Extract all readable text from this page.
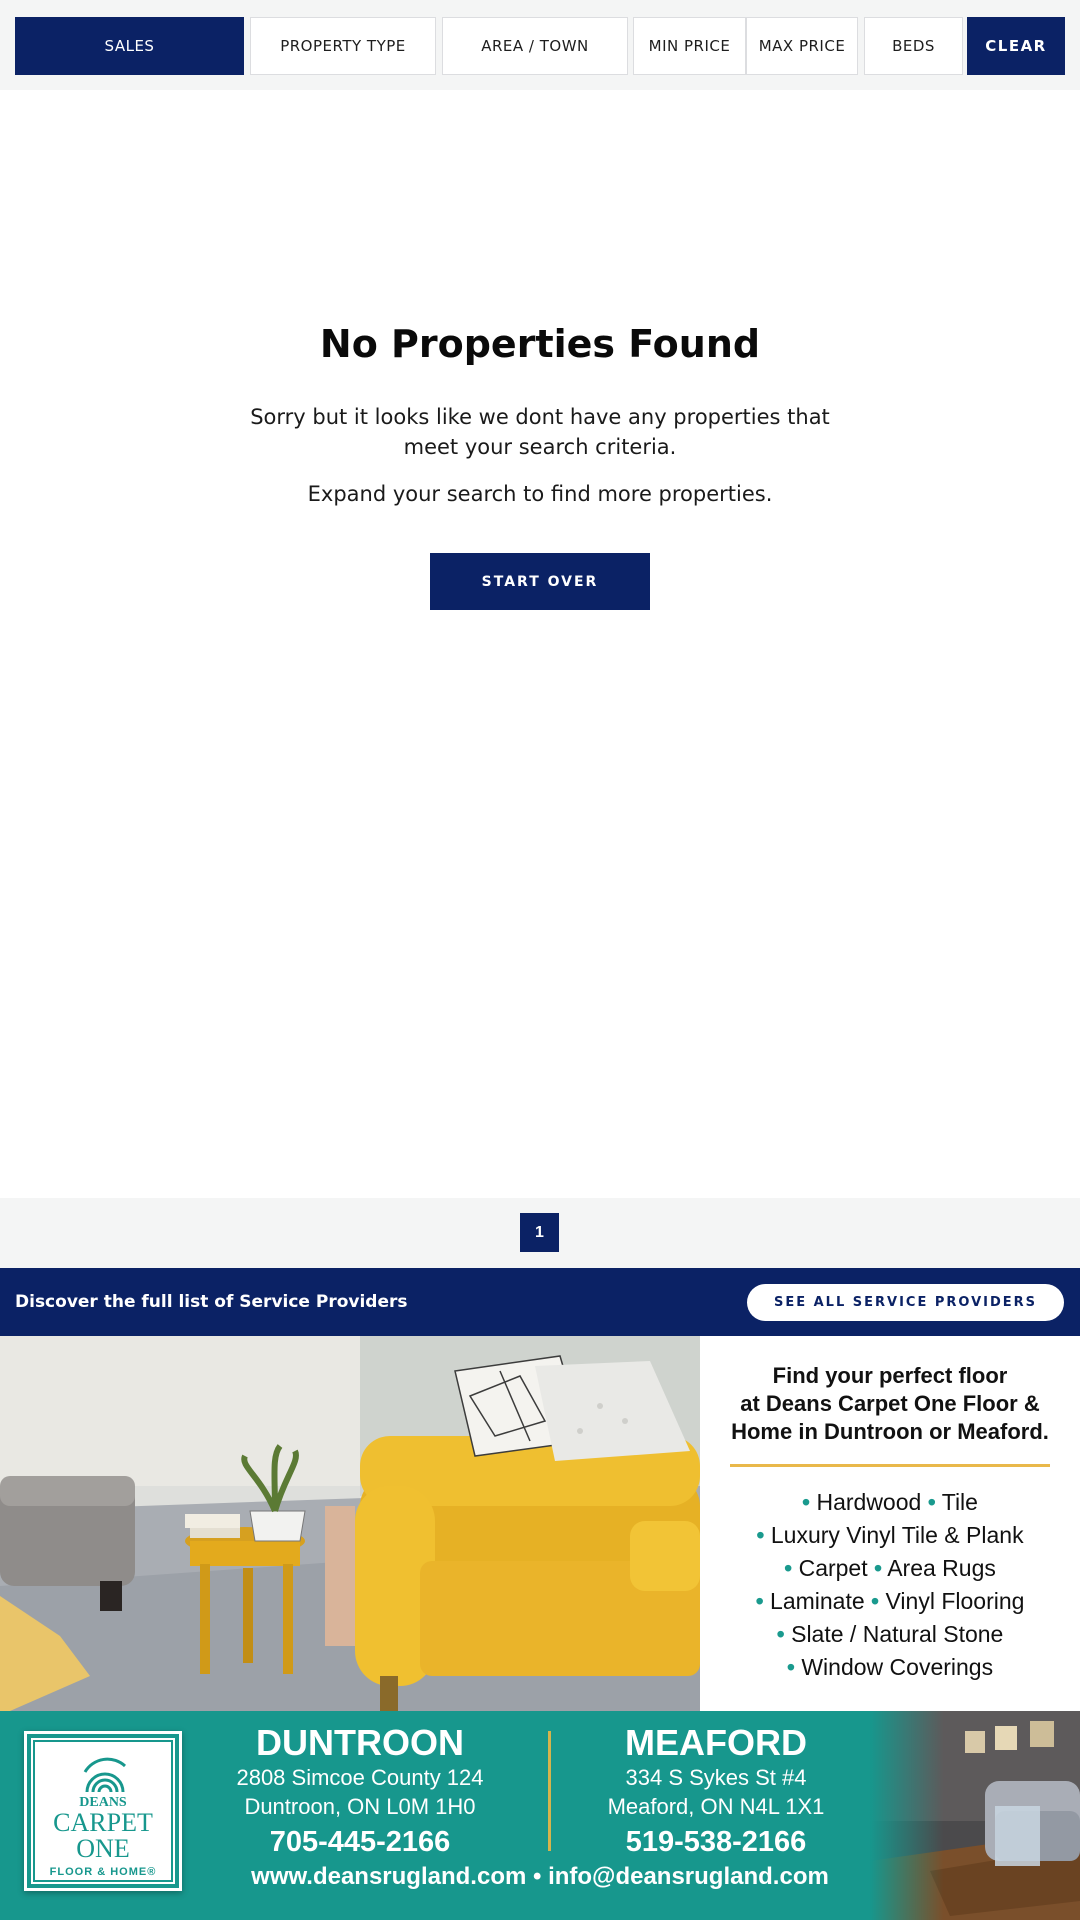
SALES	PROPERTY TYPE	AREA / TOWN	MIN PRICE	MAX PRICE	BEDS	CLEAR
No Properties Found
Sorry but it looks like we dont have any properties that meet your search criteria.
Expand your search to find more properties.
START OVER
1
Discover the full list of Service Providers	SEE ALL SERVICE PROVIDERS
Find your perfect floor
at Deans Carpet One Floor &
Home in Duntroon or Meaford.
• Hardwood • Tile
• Luxury Vinyl Tile & Plank
• Carpet • Area Rugs
• Laminate • Vinyl Flooring
• Slate / Natural Stone
• Window Coverings
DEANS
CARPET
ONE
FLOOR & HOME®
DUNTROON
2808 Simcoe County 124
Duntroon, ON L0M 1H0
705-445-2166
MEAFORD
334 S Sykes St #4
Meaford, ON N4L 1X1
519-538-2166
www.deansrugland.com • info@deansrugland.com
